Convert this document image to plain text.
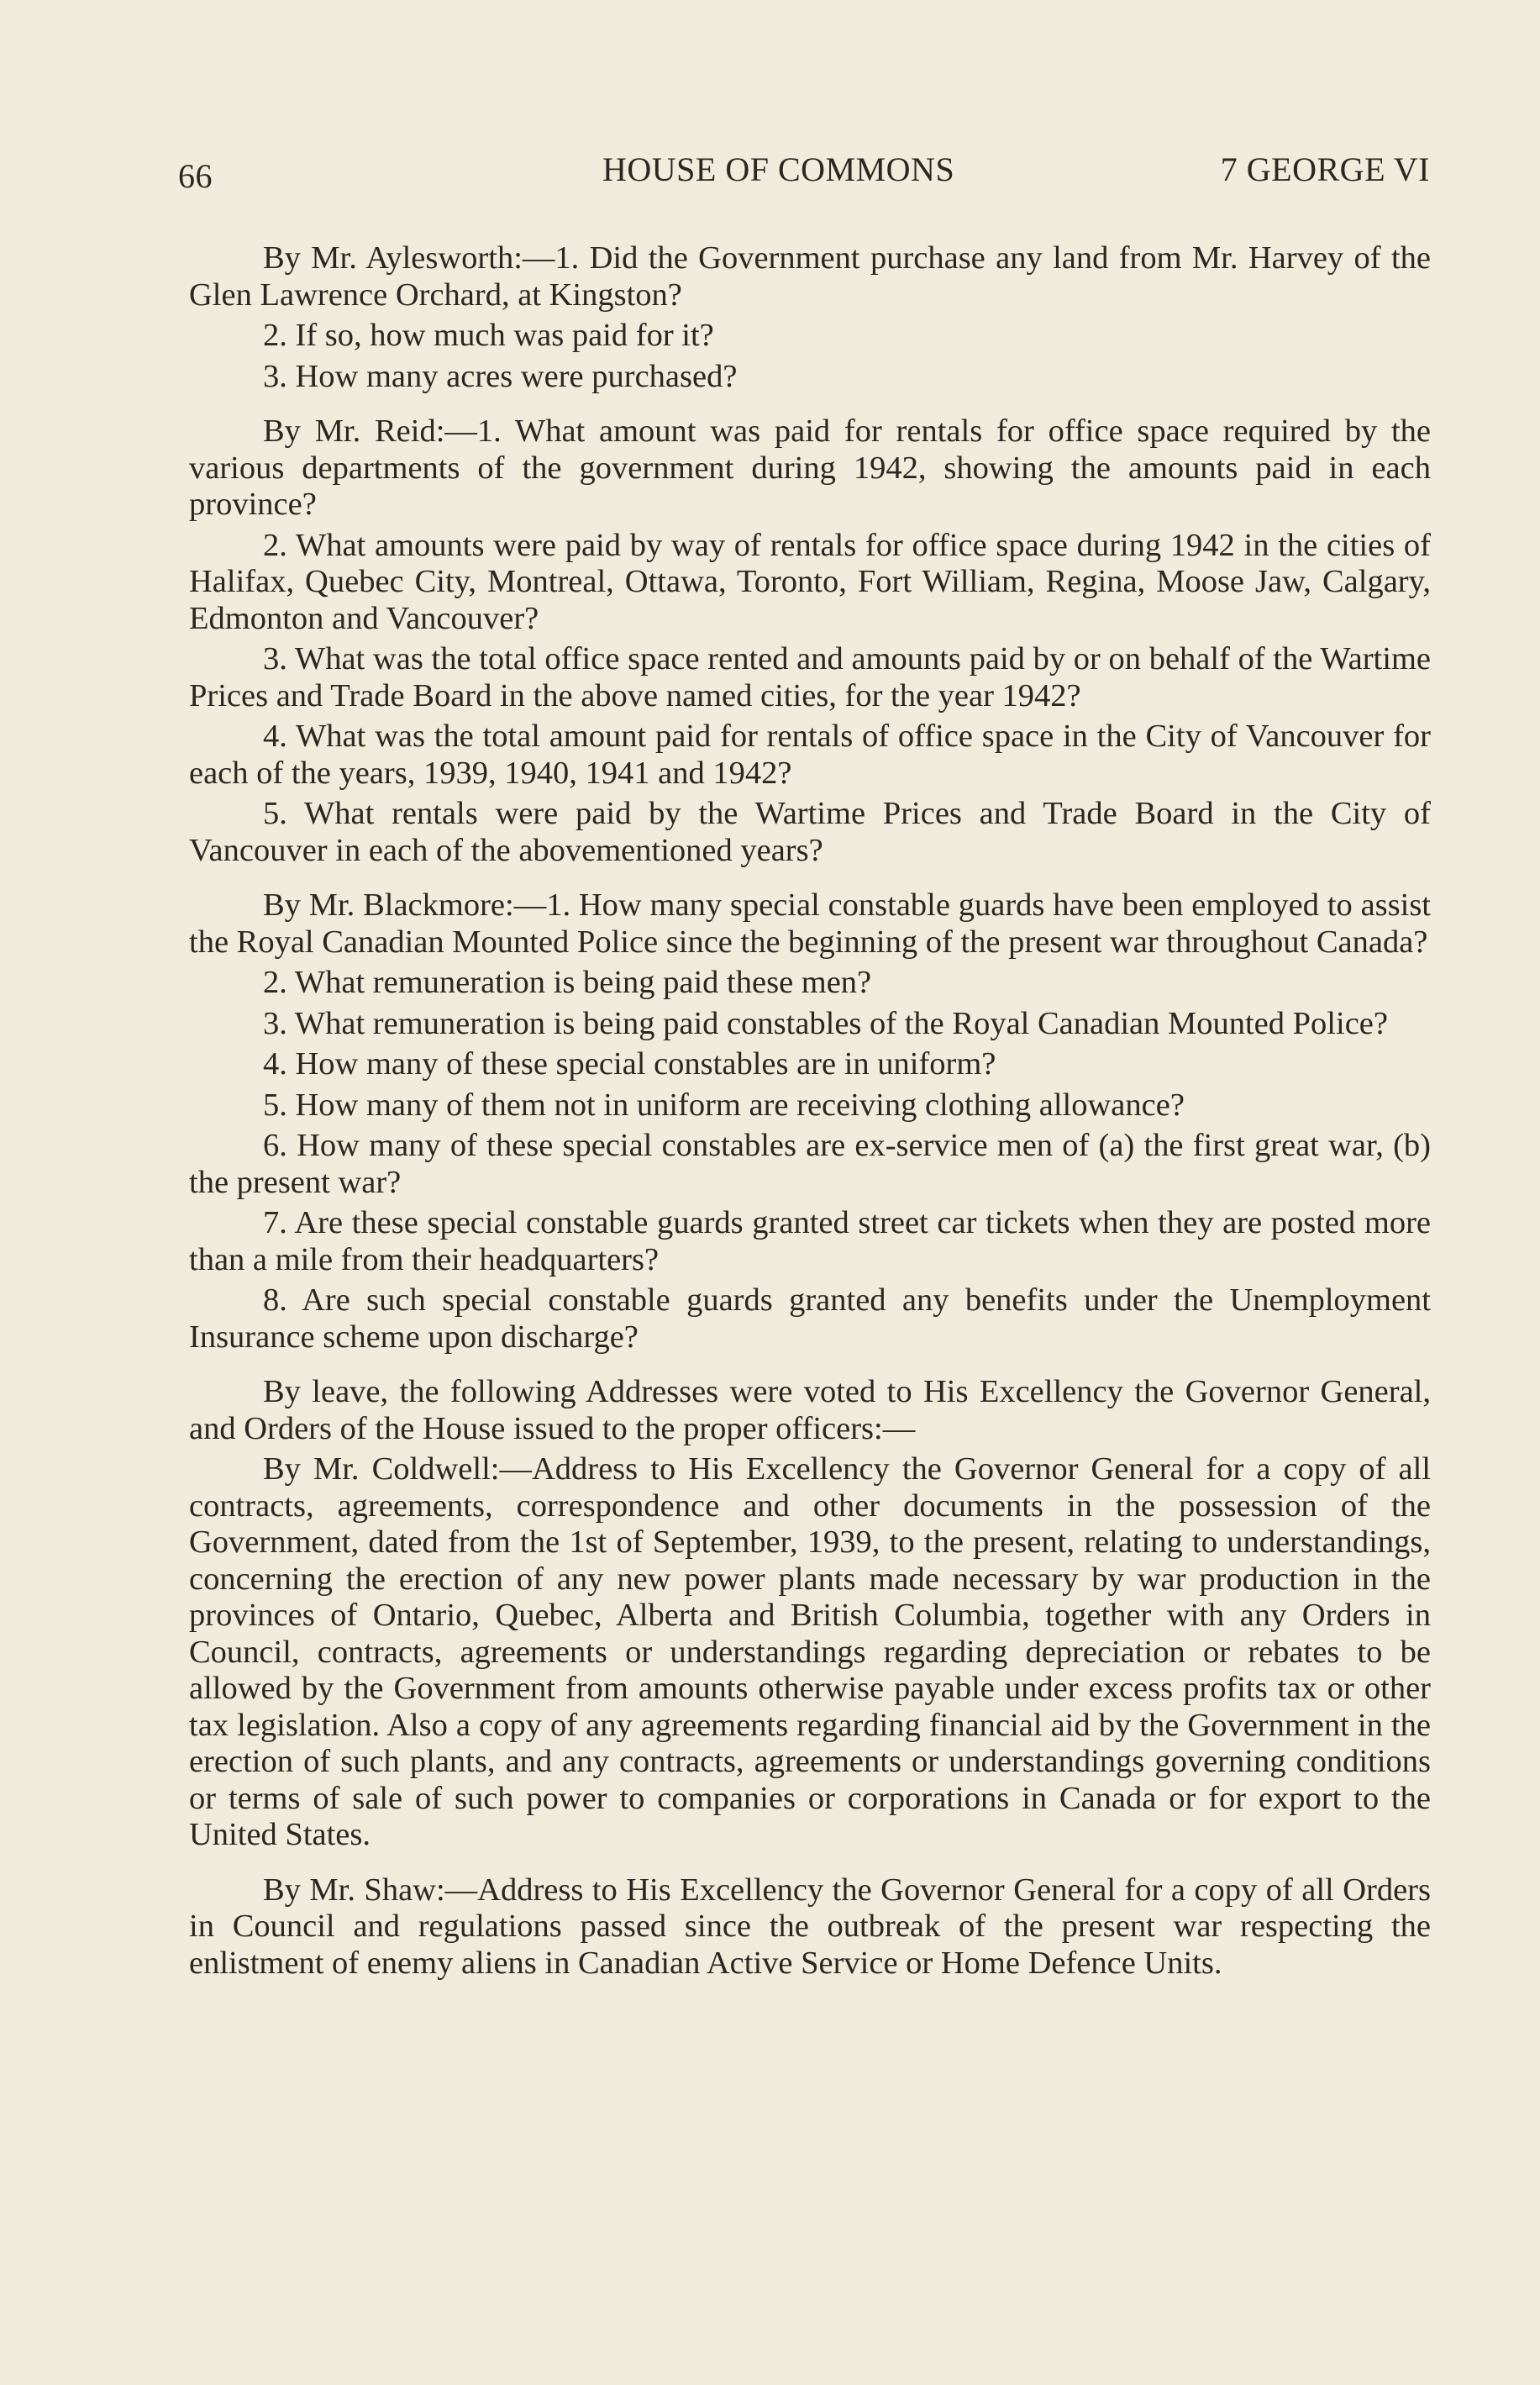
66	HOUSE OF COMMONS	7 GEORGE VI

By Mr. Aylesworth:—1. Did the Government purchase any land from Mr. Harvey of the Glen Lawrence Orchard, at Kingston?

2. If so, how much was paid for it?

3. How many acres were purchased?

By Mr. Reid:—1. What amount was paid for rentals for office space required by the various departments of the government during 1942, showing the amounts paid in each province?

2. What amounts were paid by way of rentals for office space during 1942 in the cities of Halifax, Quebec City, Montreal, Ottawa, Toronto, Fort William, Regina, Moose Jaw, Calgary, Edmonton and Vancouver?

3. What was the total office space rented and amounts paid by or on behalf of the Wartime Prices and Trade Board in the above named cities, for the year 1942?

4. What was the total amount paid for rentals of office space in the City of Vancouver for each of the years, 1939, 1940, 1941 and 1942?

5. What rentals were paid by the Wartime Prices and Trade Board in the City of Vancouver in each of the abovementioned years?

By Mr. Blackmore:—1. How many special constable guards have been employed to assist the Royal Canadian Mounted Police since the beginning of the present war throughout Canada?

2. What remuneration is being paid these men?

3. What remuneration is being paid constables of the Royal Canadian Mounted Police?

4. How many of these special constables are in uniform?

5. How many of them not in uniform are receiving clothing allowance?

6. How many of these special constables are ex-service men of (a) the first great war, (b) the present war?

7. Are these special constable guards granted street car tickets when they are posted more than a mile from their headquarters?

8. Are such special constable guards granted any benefits under the Unemployment Insurance scheme upon discharge?

By leave, the following Addresses were voted to His Excellency the Governor General, and Orders of the House issued to the proper officers:—

By Mr. Coldwell:—Address to His Excellency the Governor General for a copy of all contracts, agreements, correspondence and other documents in the possession of the Government, dated from the 1st of September, 1939, to the present, relating to understandings, concerning the erection of any new power plants made necessary by war production in the provinces of Ontario, Quebec, Alberta and British Columbia, together with any Orders in Council, contracts, agreements or understandings regarding depreciation or rebates to be allowed by the Government from amounts otherwise payable under excess profits tax or other tax legislation. Also a copy of any agreements regarding financial aid by the Government in the erection of such plants, and any contracts, agreements or understandings governing conditions or terms of sale of such power to companies or corporations in Canada or for export to the United States.

By Mr. Shaw:—Address to His Excellency the Governor General for a copy of all Orders in Council and regulations passed since the outbreak of the present war respecting the enlistment of enemy aliens in Canadian Active Service or Home Defence Units.
